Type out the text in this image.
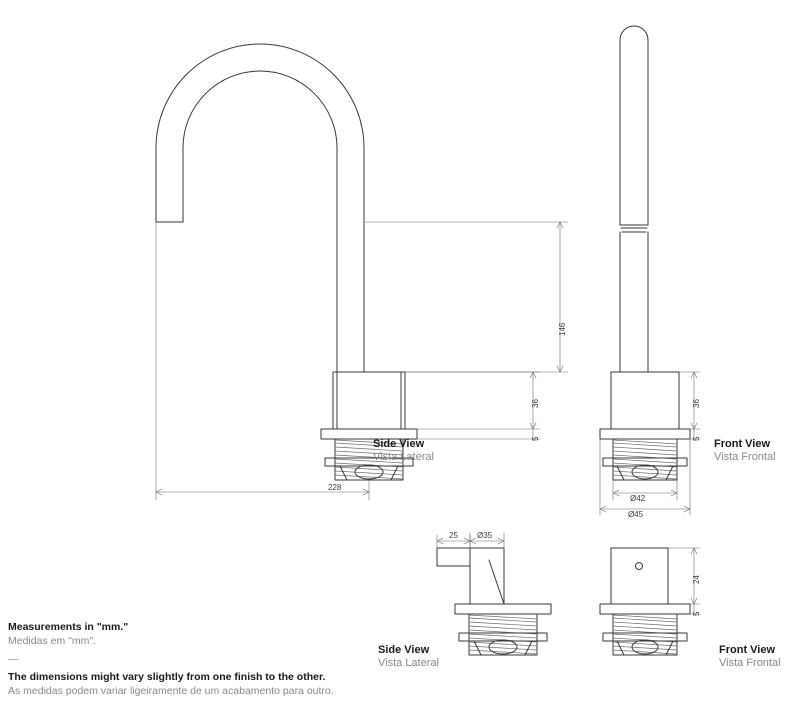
146
36
5
228
36
5
Ø42
Ø45
25 Ø35
24
5
Side View
Vista Lateral
Front View
Vista Frontal
Side View
Vista Lateral
Front View
Vista Frontal
Measurements in "mm."
Medidas em "mm".
—
The dimensions might vary slightly from one finish to the other.
As medidas podem variar ligeiramente de um acabamento para outro.
